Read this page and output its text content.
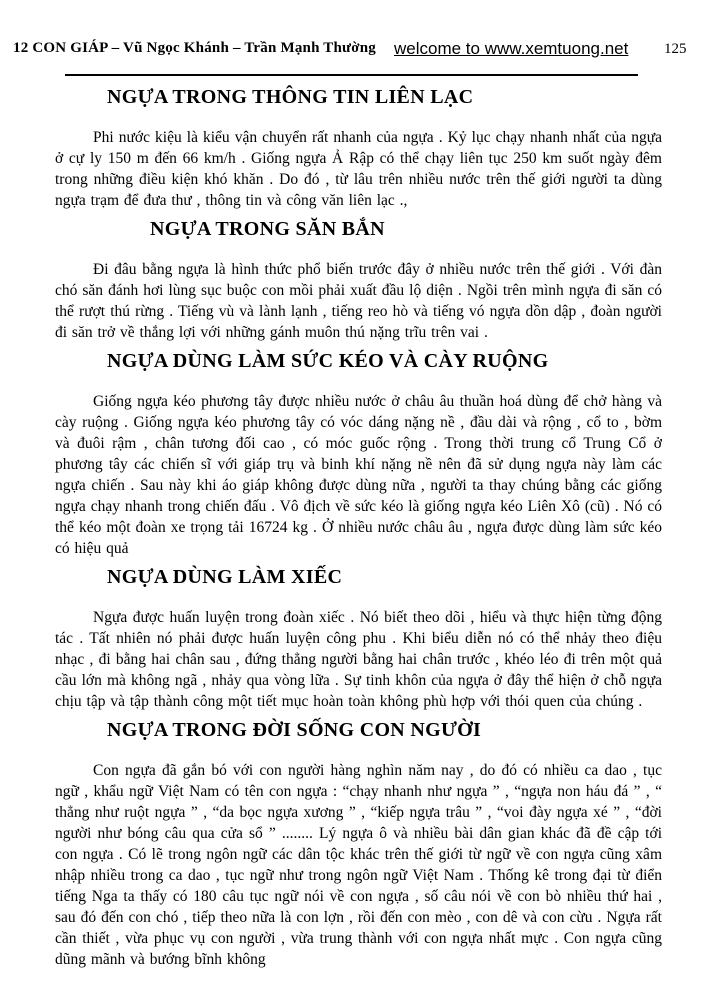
12 CON GIÁP – Vũ Ngọc Khánh – Trần Mạnh Thường welcome to www.xemtuong.net 125
NGỰA TRONG THÔNG TIN LIÊN LẠC
Phi nước kiệu là kiểu vận chuyển rất nhanh của ngựa . Kỷ lục chạy nhanh nhất của ngựa ở cự ly 150 m đến 66 km/h . Giống ngựa Ả Rập có thể chạy liên tục 250 km suốt ngày đêm trong những điều kiện khó khăn . Do đó , từ lâu trên nhiều nước trên thế giới người ta dùng ngựa trạm để đưa thư , thông tin và công văn liên lạc .,
NGỰA TRONG SĂN BẮN
Đi đâu bằng ngựa là hình thức phổ biến trước đây ở nhiều nước trên thế giới . Với đàn chó săn đánh hơi lùng sục buộc con mồi phải xuất đầu lộ diện . Ngồi trên mình ngựa đi săn có thể rượt thú rừng . Tiếng vù và lành lạnh , tiếng reo hò và tiếng vó ngựa dồn dập , đoàn người đi săn trở về thắng lợi với những gánh muôn thú nặng trĩu trên vai .
NGỰA DÙNG LÀM SỨC KÉO VÀ CÀY RUỘNG
Giống ngựa kéo phương tây được nhiều nước ở châu âu thuần hoá dùng để chở hàng và cày ruộng . Giống ngựa kéo phương tây có vóc dáng nặng nề , đầu dài và rộng , cổ to , bờm và đuôi rậm , chân tương đối cao , có móc guốc rộng . Trong thời trung cổ Trung Cổ ở phương tây các chiến sĩ với giáp trụ và binh khí nặng nề nên đã sử dụng ngựa này làm các ngựa chiến . Sau này khi áo giáp không được dùng nữa , người ta thay chúng bằng các giống ngựa chạy nhanh trong chiến đấu . Vô địch về sức kéo là giống ngựa kéo Liên Xô (cũ) . Nó có thể kéo một đoàn xe trọng tải 16724 kg . Ở nhiều nước châu âu , ngựa được dùng làm sức kéo có hiệu quả
NGỰA DÙNG LÀM XIẾC
Ngựa được huấn luyện trong đoàn xiếc . Nó biết theo dõi , hiểu và thực hiện từng động tác . Tất nhiên nó phải được huấn luyện công phu . Khi biểu diễn nó có thể nhảy theo điệu nhạc , đi bằng hai chân sau , đứng thẳng người bằng hai chân trước , khéo léo đi trên một quả cầu lớn mà không ngã , nhảy qua vòng lữa . Sự tinh khôn của ngựa ở đây thể hiện ở chỗ ngựa chịu tập và tập thành công một tiết mục hoàn toàn không phù hợp với thói quen của chúng .
NGỰA TRONG ĐỜI SỐNG CON NGƯỜI
Con ngựa đã gắn bó với con người hàng nghìn năm nay , do đó có nhiều ca dao , tục ngữ , khẩu ngữ Việt Nam có tên con ngựa : “chạy nhanh như ngựa ” , “ngựa non háu đá ” , “ thẳng như ruột ngựa ” , “da bọc ngựa xương ” , “kiếp ngựa trâu ” , “voi đày ngựa xé ” , “đời người như bóng câu qua cửa sổ ” ........ Lý ngựa ô và nhiều bài dân gian khác đã đề cập tới con ngựa . Có lẽ trong ngôn ngữ các dân tộc khác trên thế giới từ ngữ về con ngựa cũng xâm nhập nhiều trong ca dao , tục ngữ như trong ngôn ngữ Việt Nam . Thống kê trong đại từ điển tiếng Nga ta thấy có 180 câu tục ngữ nói về con ngựa , số câu nói về con bò nhiều thứ hai , sau đó đến con chó , tiếp theo nữa là con lợn , rồi đến con mèo , con dê và con cừu . Ngựa rất cần thiết , vừa phục vụ con người , vừa trung thành với con ngựa nhất mực . Con ngựa cũng dũng mãnh và bướng bĩnh không
